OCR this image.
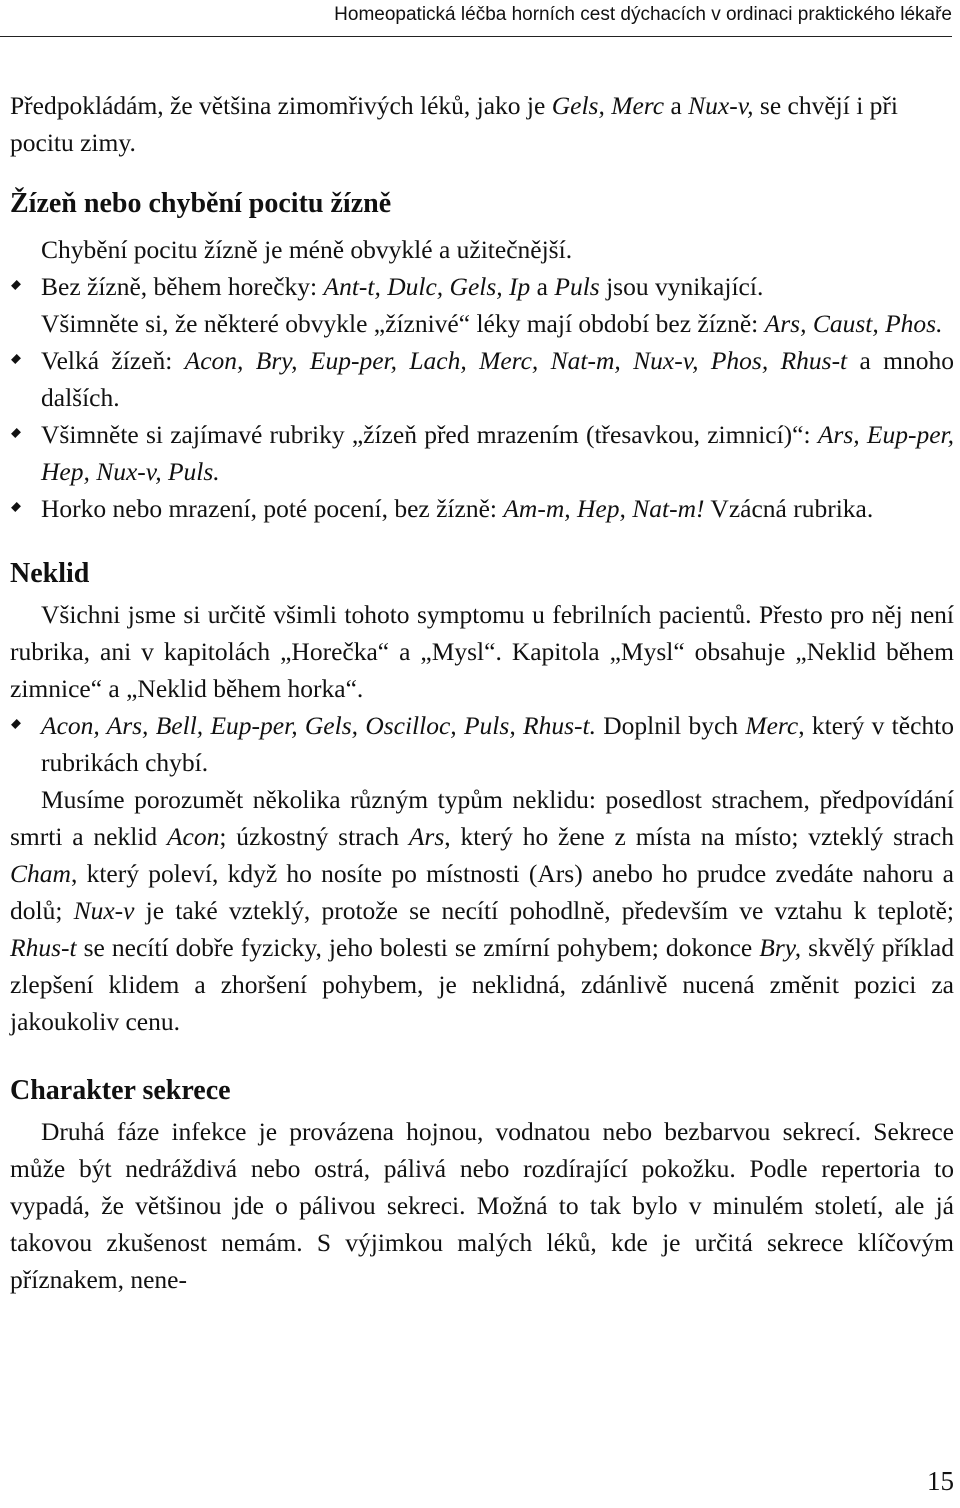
Homeopatická léčba horních cest dýchacích v ordinaci praktického lékaře

Předpokládám, že většina zimomřivých léků, jako je Gels, Merc a Nux-v, se chvějí i při pocitu zimy.

Žízeň nebo chybění pocitu žízně

Chybění pocitu žízně je méně obvyklé a užitečnější.

Bez žízně, během horečky: Ant-t, Dulc, Gels, Ip a Puls jsou vynikající.

Všimněte si, že některé obvykle „žíznivé“ léky mají období bez žízně: Ars, Caust, Phos.

Velká žízeň: Acon, Bry, Eup-per, Lach, Merc, Nat-m, Nux-v, Phos, Rhus-t a mnoho dalších.

Všimněte si zajímavé rubriky „žízeň před mrazením (třesavkou, zimnicí)“: Ars, Eup-per, Hep, Nux-v, Puls.

Horko nebo mrazení, poté pocení, bez žízně: Am-m, Hep, Nat-m! Vzácná rubrika.

Neklid

Všichni jsme si určitě všimli tohoto symptomu u febrilních pacientů. Přesto pro něj není rubrika, ani v kapitolách „Horečka“ a „Mysl“. Kapitola „Mysl“ obsahuje „Neklid během zimnice“ a „Neklid během horka“.

Acon, Ars, Bell, Eup-per, Gels, Oscilloc, Puls, Rhus-t. Doplnil bych Merc, který v těchto rubrikách chybí.

Musíme porozumět několika různým typům neklidu: posedlost strachem, předpovídání smrti a neklid Acon; úzkostný strach Ars, který ho žene z místa na místo; vzteklý strach Cham, který poleví, když ho nosíte po místnosti (Ars) anebo ho prudce zvedáte nahoru a dolů; Nux-v je také vzteklý, protože se necítí pohodlně, především ve vztahu k teplotě; Rhus-t se necítí dobře fyzicky, jeho bolesti se zmírní pohybem; dokonce Bry, skvělý příklad zlepšení klidem a zhoršení pohybem, je neklidná, zdánlivě nucená změnit pozici za jakoukoliv cenu.

Charakter sekrece

Druhá fáze infekce je provázena hojnou, vodnatou nebo bezbarvou sekrecí. Sekrece může být nedráždivá nebo ostrá, pálivá nebo rozdírající pokožku. Podle repertoria to vypadá, že většinou jde o pálivou sekreci. Možná to tak bylo v minulém století, ale já takovou zkušenost nemám. S výjimkou malých léků, kde je určitá sekrece klíčovým příznakem, nene-

15
